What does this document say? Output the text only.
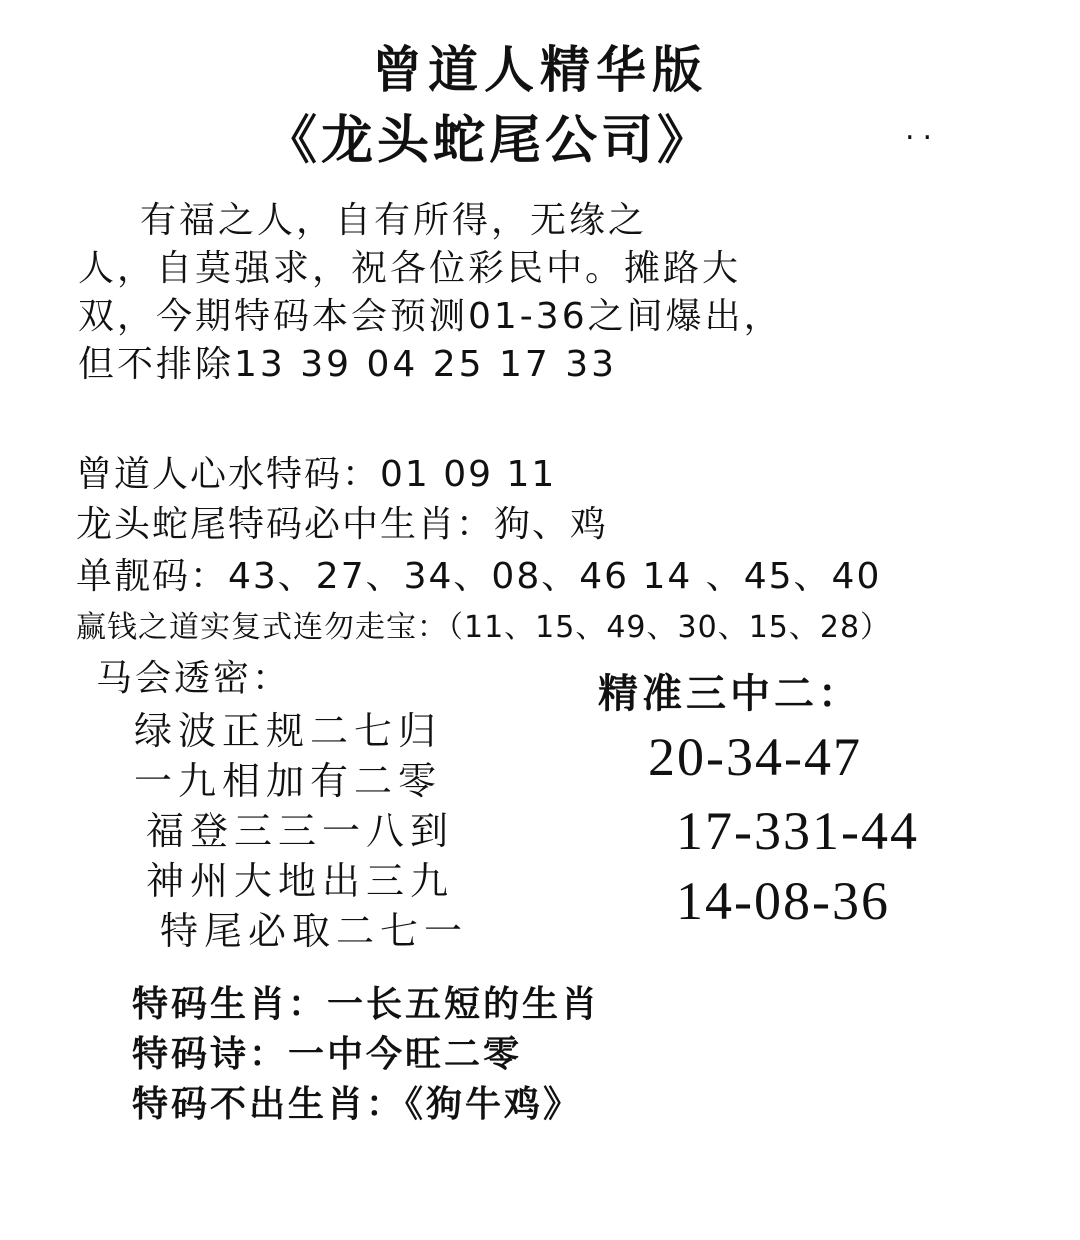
曾道人精华版
《龙头蛇尾公司》	..
有福之人，自有所得，无缘之
人，自莫强求，祝各位彩民中。摊路大
双，今期特码本会预测01-36之间爆出，
但不排除13 39 04 25 17 33
曾道人心水特码：01 09 11
龙头蛇尾特码必中生肖：狗、鸡
单靓码：43、27、34、08、46 14 、45、40
赢钱之道实复式连勿走宝：（11、15、49、30、15、28）
马会透密：
绿波正规二七归
一九相加有二零
福登三三一八到
神州大地出三九
特尾必取二七一
精准三中二：
20-34-47
17-331-44
14-08-36
特码生肖：一长五短的生肖
特码诗：一中今旺二零
特码不出生肖：《狗牛鸡》
